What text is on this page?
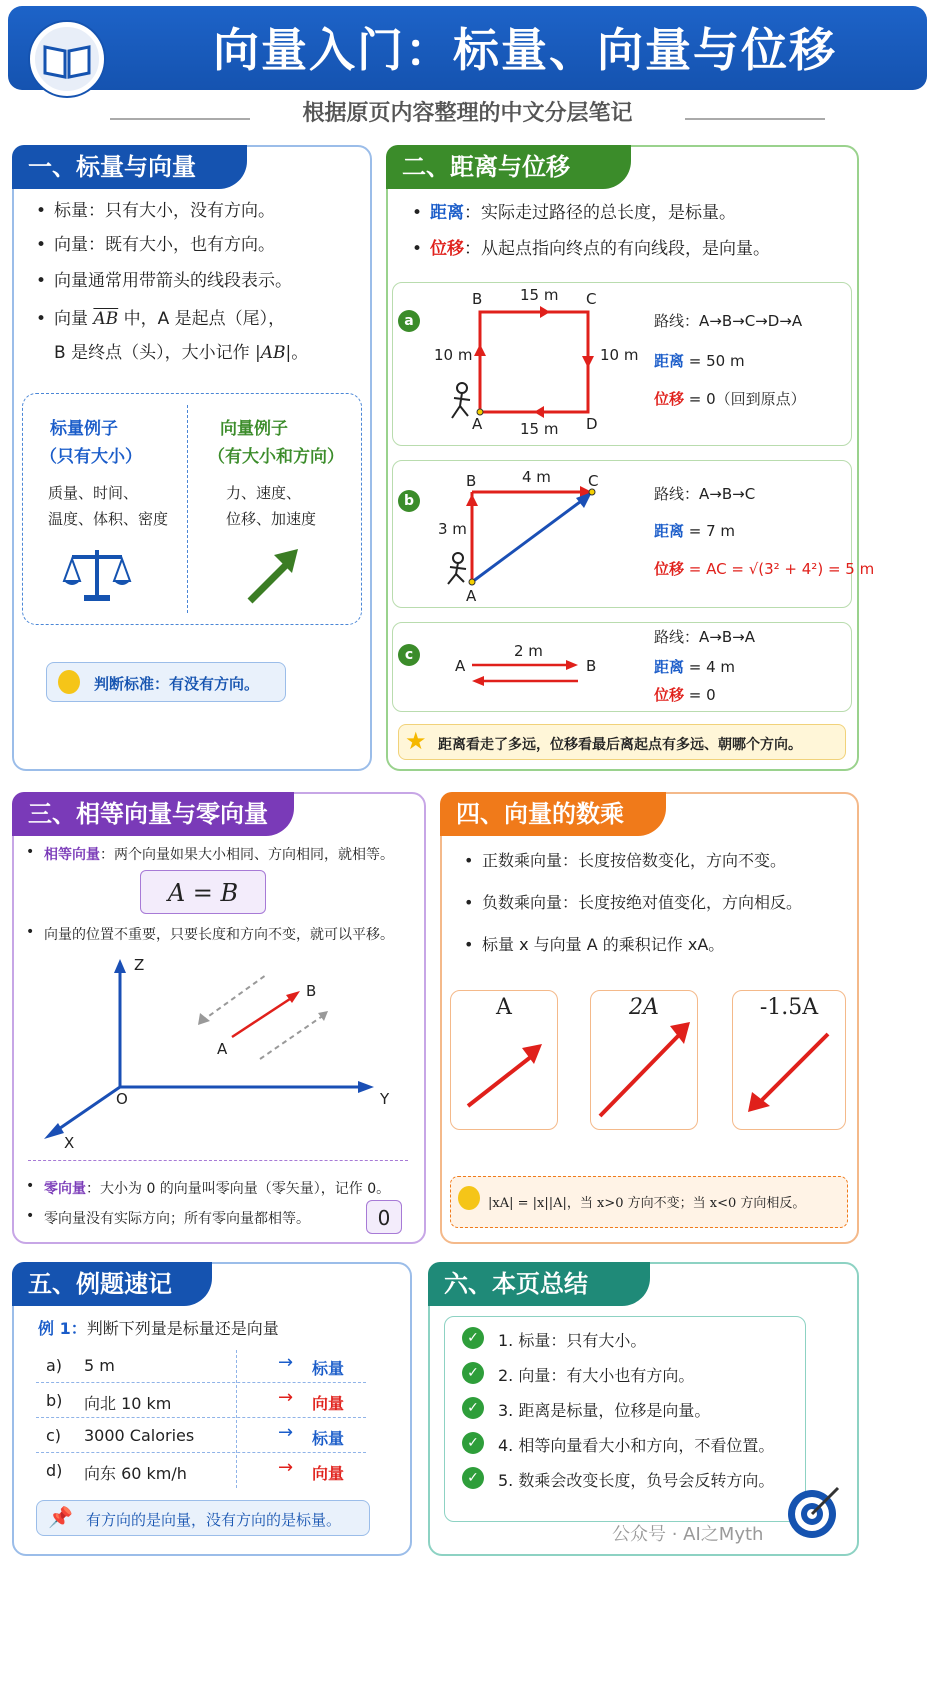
向量入门：标量、向量与位移
根据原页内容整理的中文分层笔记
一、标量与向量
• 标量：只有大小，没有方向。
• 向量：既有大小，也有方向。
• 向量通常用带箭头的线段表示。
• 向量 $\overline{AB}$ 中，A 是起点（尾），
B 是终点（头），大小记作 |AB|。
标量例子
（只有大小）
质量、时间、
温度、体积、密度
向量例子
（有大小和方向）
力、速度、
位移、加速度
判断标准：有没有方向。
二、距离与位移
• 距离：实际走过路径的总长度，是标量。
• 位移：从起点指向终点的有向线段，是向量。
a
B	C
A	D
15 m
15 m
10 m	10 m
路线：A→B→C→D→A
距离 = 50 m
位移 = 0（回到原点）
b
B	C
A
4 m
3 m
路线：A→B→C
距离 = 7 m
位移 = AC = √(3² + 4²) = 5 m
c
A	B
2 m
路线：A→B→A
距离 = 4 m
位移 = 0
★ 距离看走了多远，位移看最后离起点有多远、朝哪个方向。
三、相等向量与零向量
• 相等向量：两个向量如果大小相同、方向相同，就相等。
A = B
• 向量的位置不重要，只要长度和方向不变，就可以平移。
Z
Y
X
O
A
B
• 零向量：大小为 0 的向量叫零向量（零矢量），记作 0。
• 零向量没有实际方向；所有零向量都相等。	0
四、向量的数乘
• 正数乘向量：长度按倍数变化，方向不变。
• 负数乘向量：长度按绝对值变化，方向相反。
• 标量 x 与向量 A 的乘积记作 xA。
A	2A	-1.5A
|xA| = |x||A|，当 x>0 方向不变；当 x<0 方向相反。
五、例题速记
例 1：判断下列量是标量还是向量
a) 5 m	→ 标量
b) 向北 10 km	→ 向量
c) 3000 Calories	→ 标量
d) 向东 60 km/h	→ 向量
📌 有方向的是向量，没有方向的是标量。
六、本页总结
✓	1. 标量：只有大小。
✓	2. 向量：有大小也有方向。
✓	3. 距离是标量，位移是向量。
✓	4. 相等向量看大小和方向，不看位置。
✓	5. 数乘会改变长度，负号会反转方向。
公众号 · AI之Myth
